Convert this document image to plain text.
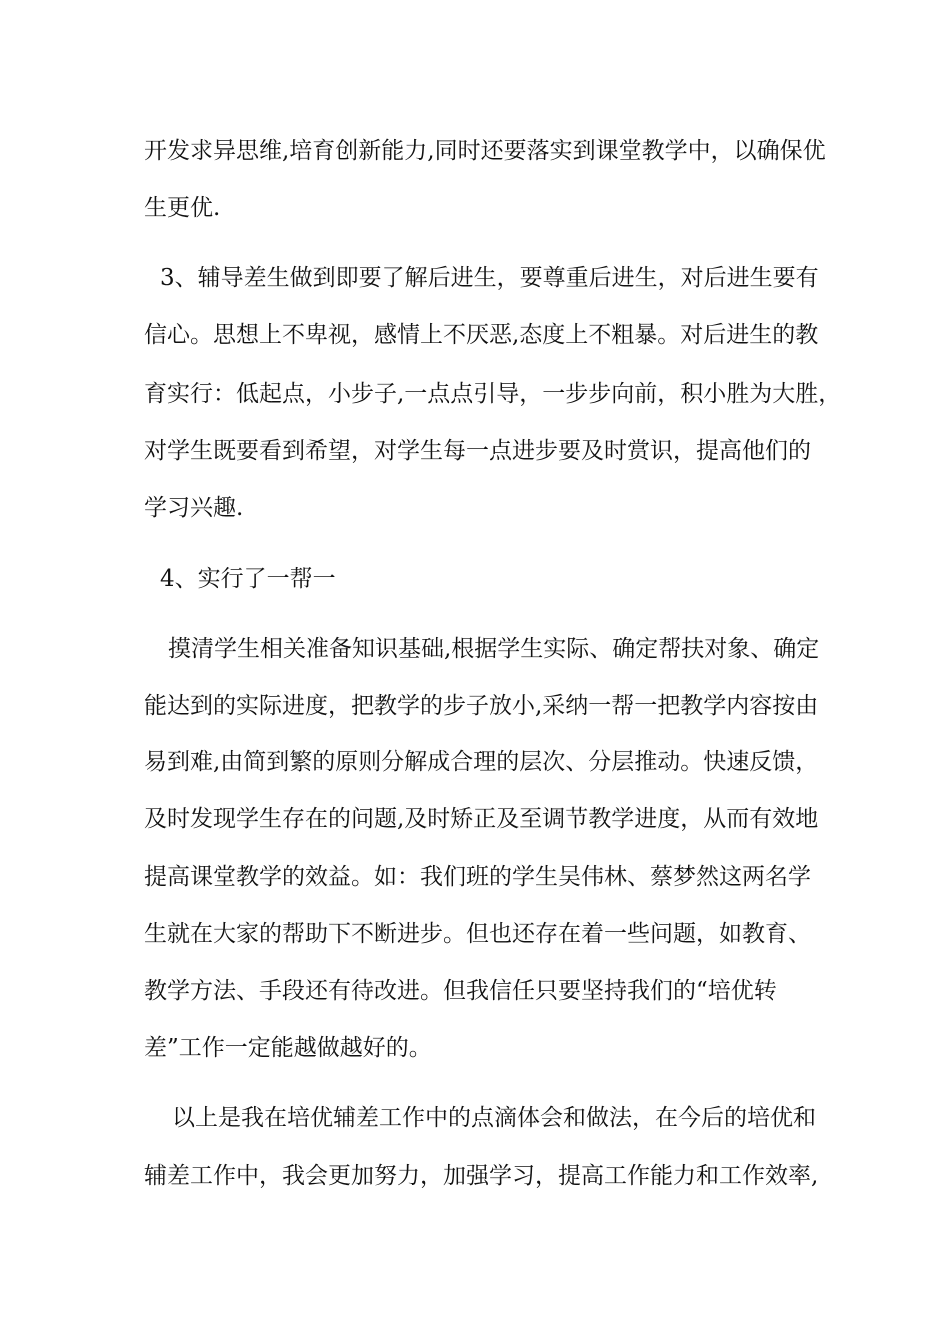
开发求异思维,培育创新能力,同时还要落实到课堂教学中，以确保优
生更优.
3、辅导差生做到即要了解后进生，要尊重后进生，对后进生要有
信心。思想上不卑视，感情上不厌恶,态度上不粗暴。对后进生的教
育实行：低起点，小步子,一点点引导，一步步向前，积小胜为大胜，
对学生既要看到希望，对学生每一点进步要及时赏识，提高他们的
学习兴趣.
4、实行了一帮一
摸清学生相关准备知识基础,根据学生实际、确定帮扶对象、确定
能达到的实际进度，把教学的步子放小,采纳一帮一把教学内容按由
易到难,由简到繁的原则分解成合理的层次、分层推动。快速反馈，
及时发现学生存在的问题,及时矫正及至调节教学进度，从而有效地
提高课堂教学的效益。如：我们班的学生吴伟林、蔡梦然这两名学
生就在大家的帮助下不断进步。但也还存在着一些问题，如教育、
教学方法、手段还有待改进。但我信任只要坚持我们的“培优转
差”工作一定能越做越好的。
以上是我在培优辅差工作中的点滴体会和做法，在今后的培优和
辅差工作中，我会更加努力，加强学习，提高工作能力和工作效率,
